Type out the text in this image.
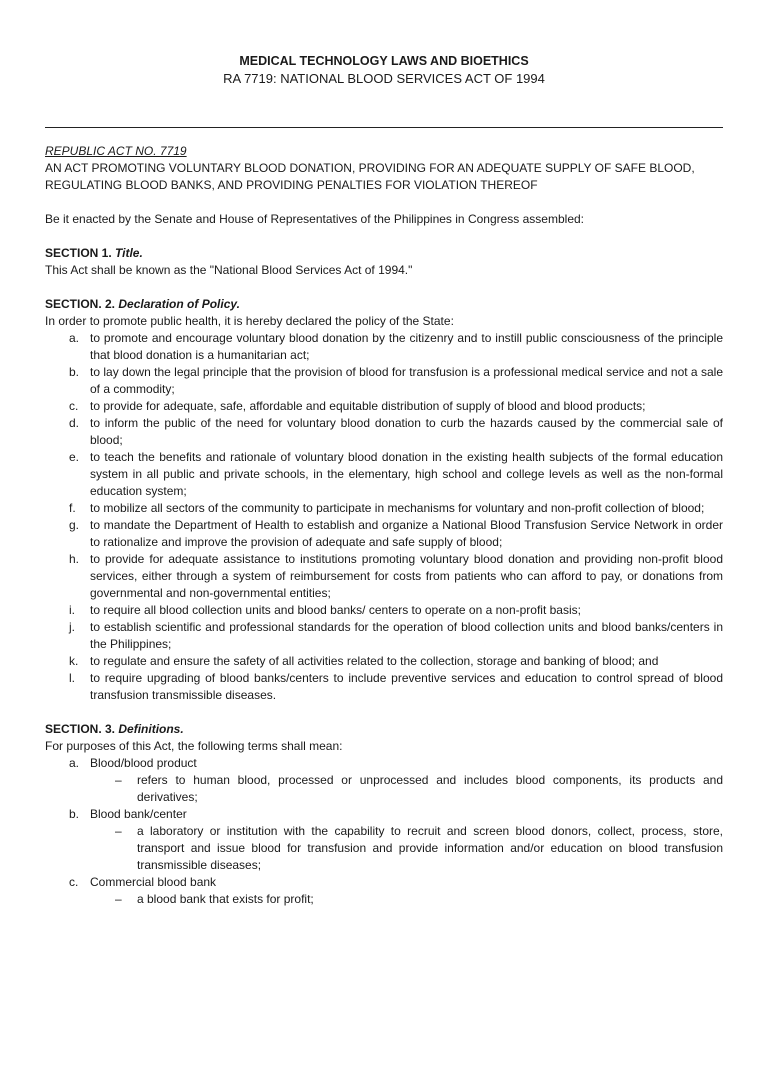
MEDICAL TECHNOLOGY LAWS AND BIOETHICS
RA 7719: NATIONAL BLOOD SERVICES ACT OF 1994
REPUBLIC ACT NO. 7719

AN ACT PROMOTING VOLUNTARY BLOOD DONATION, PROVIDING FOR AN ADEQUATE SUPPLY OF SAFE BLOOD, REGULATING BLOOD BANKS, AND PROVIDING PENALTIES FOR VIOLATION THEREOF

Be it enacted by the Senate and House of Representatives of the Philippines in Congress assembled:

SECTION 1. Title.

This Act shall be known as the "National Blood Services Act of 1994."

SECTION. 2. Declaration of Policy.

In order to promote public health, it is hereby declared the policy of the State:

a. to promote and encourage voluntary blood donation by the citizenry and to instill public consciousness of the principle that blood donation is a humanitarian act;
b. to lay down the legal principle that the provision of blood for transfusion is a professional medical service and not a sale of a commodity;
c. to provide for adequate, safe, affordable and equitable distribution of supply of blood and blood products;
d. to inform the public of the need for voluntary blood donation to curb the hazards caused by the commercial sale of blood;
e. to teach the benefits and rationale of voluntary blood donation in the existing health subjects of the formal education system in all public and private schools, in the elementary, high school and college levels as well as the non-formal education system;
f. to mobilize all sectors of the community to participate in mechanisms for voluntary and non-profit collection of blood;
g. to mandate the Department of Health to establish and organize a National Blood Transfusion Service Network in order to rationalize and improve the provision of adequate and safe supply of blood;
h. to provide for adequate assistance to institutions promoting voluntary blood donation and providing non-profit blood services, either through a system of reimbursement for costs from patients who can afford to pay, or donations from governmental and non-governmental entities;
i. to require all blood collection units and blood banks/ centers to operate on a non-profit basis;
j. to establish scientific and professional standards for the operation of blood collection units and blood banks/centers in the Philippines;
k. to regulate and ensure the safety of all activities related to the collection, storage and banking of blood; and
l. to require upgrading of blood banks/centers to include preventive services and education to control spread of blood transfusion transmissible diseases.
SECTION. 3. Definitions.

For purposes of this Act, the following terms shall mean:

a. Blood/blood product
–	refers to human blood, processed or unprocessed and includes blood components, its products and derivatives;
b. Blood bank/center
–	a laboratory or institution with the capability to recruit and screen blood donors, collect, process, store, transport and issue blood for transfusion and provide information and/or education on blood transfusion transmissible diseases;
c. Commercial blood bank
–	a blood bank that exists for profit;
